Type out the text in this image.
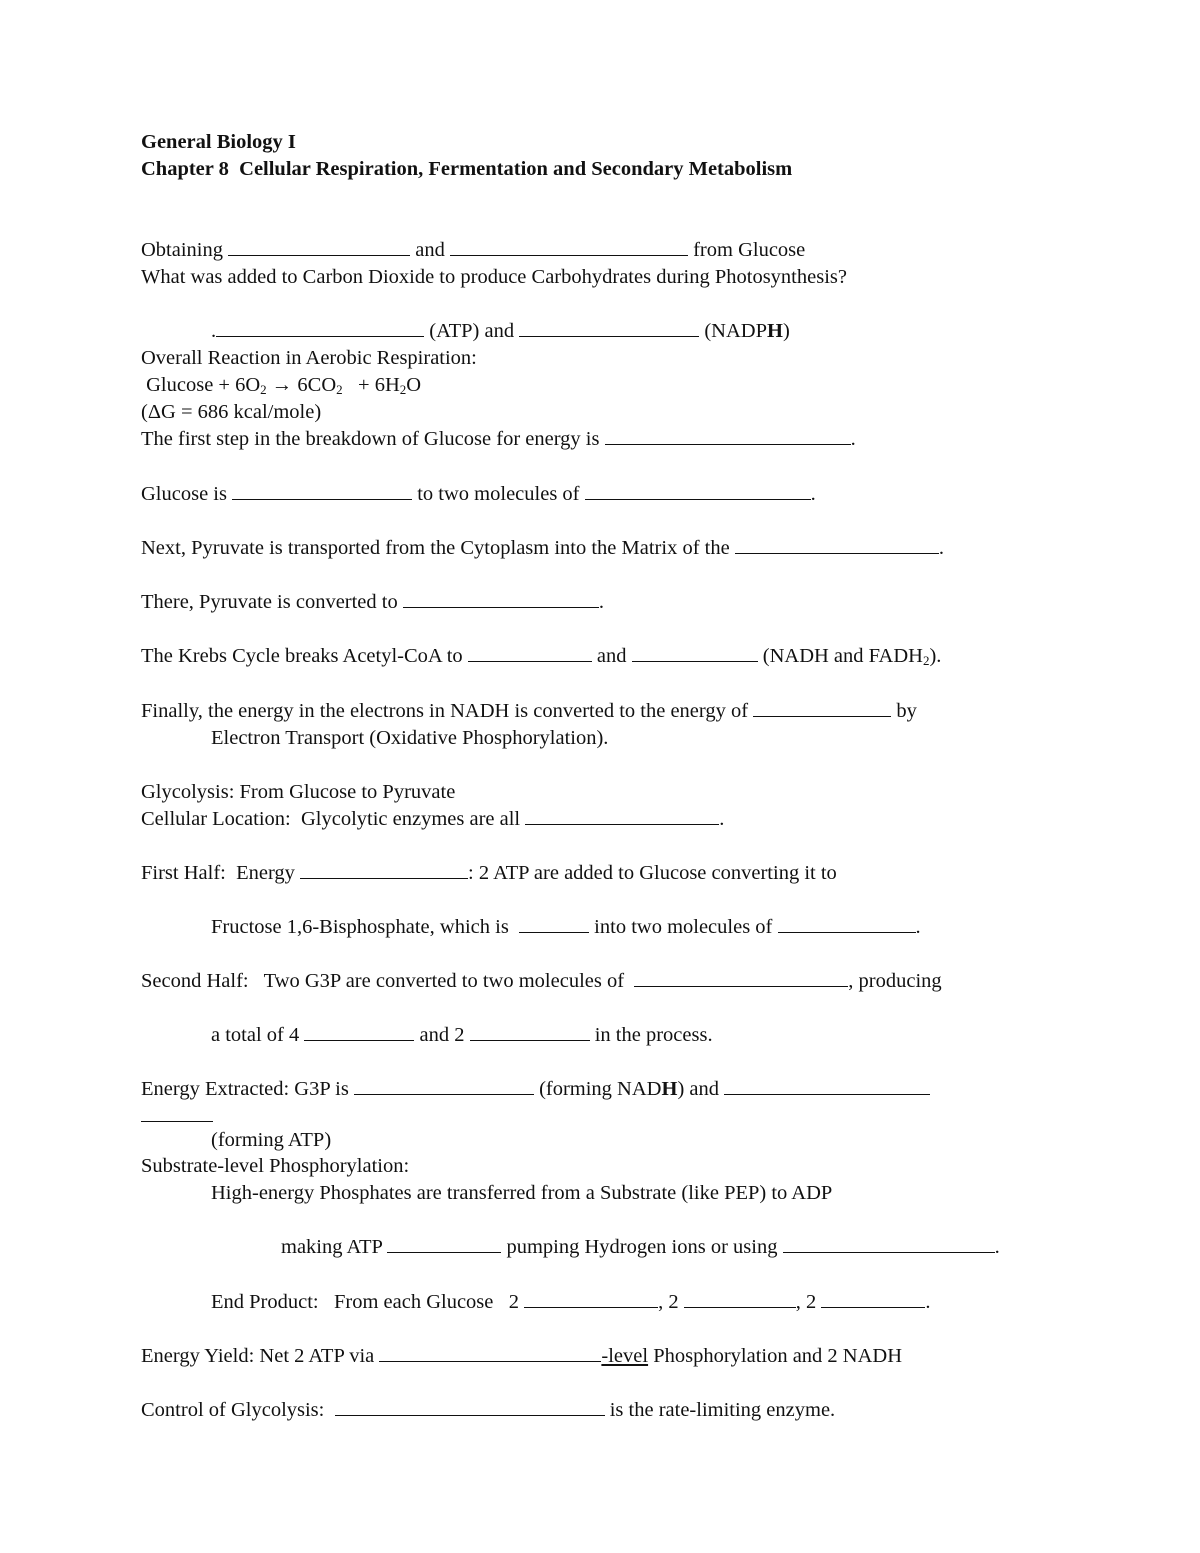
General Biology I
Chapter 8  Cellular Respiration, Fermentation and Secondary Metabolism
Obtaining	and	from Glucose
What was added to Carbon Dioxide to produce Carbohydrates during Photosynthesis?
.	(ATP) and	(NADPH)
Overall Reaction in Aerobic Respiration:
$Glucose + 6O_2 \to 6CO_2 + 6H_2O$
(ΔG = 686 kcal/mole)
The first step in the breakdown of Glucose for energy is	.
Glucose is	to two molecules of	.
Next, Pyruvate is transported from the Cytoplasm into the Matrix of the	.
There, Pyruvate is converted to	.
The Krebs Cycle breaks Acetyl-CoA to	and	(NADH and $FADH_2$).
Finally, the energy in the electrons in NADH is converted to the energy of	by
Electron Transport (Oxidative Phosphorylation).
Glycolysis: From Glucose to Pyruvate
Cellular Location:  Glycolytic enzymes are all	.
First Half:  Energy	: 2 ATP are added to Glucose converting it to
Fructose 1,6-Bisphosphate, which is	into two molecules of	.
Second Half:   Two G3P are converted to two molecules of	, producing
a total of 4	and 2	in the process.
Energy Extracted: G3P is	(forming NADH) and
(forming ATP)
Substrate-level Phosphorylation:
High-energy Phosphates are transferred from a Substrate (like PEP) to ADP
making ATP	pumping Hydrogen ions or using	.
End Product:   From each Glucose   2	, 2	, 2	.
Energy Yield: Net 2 ATP via	-level Phosphorylation and 2 NADH
Control of Glycolysis:	is the rate-limiting enzyme.
